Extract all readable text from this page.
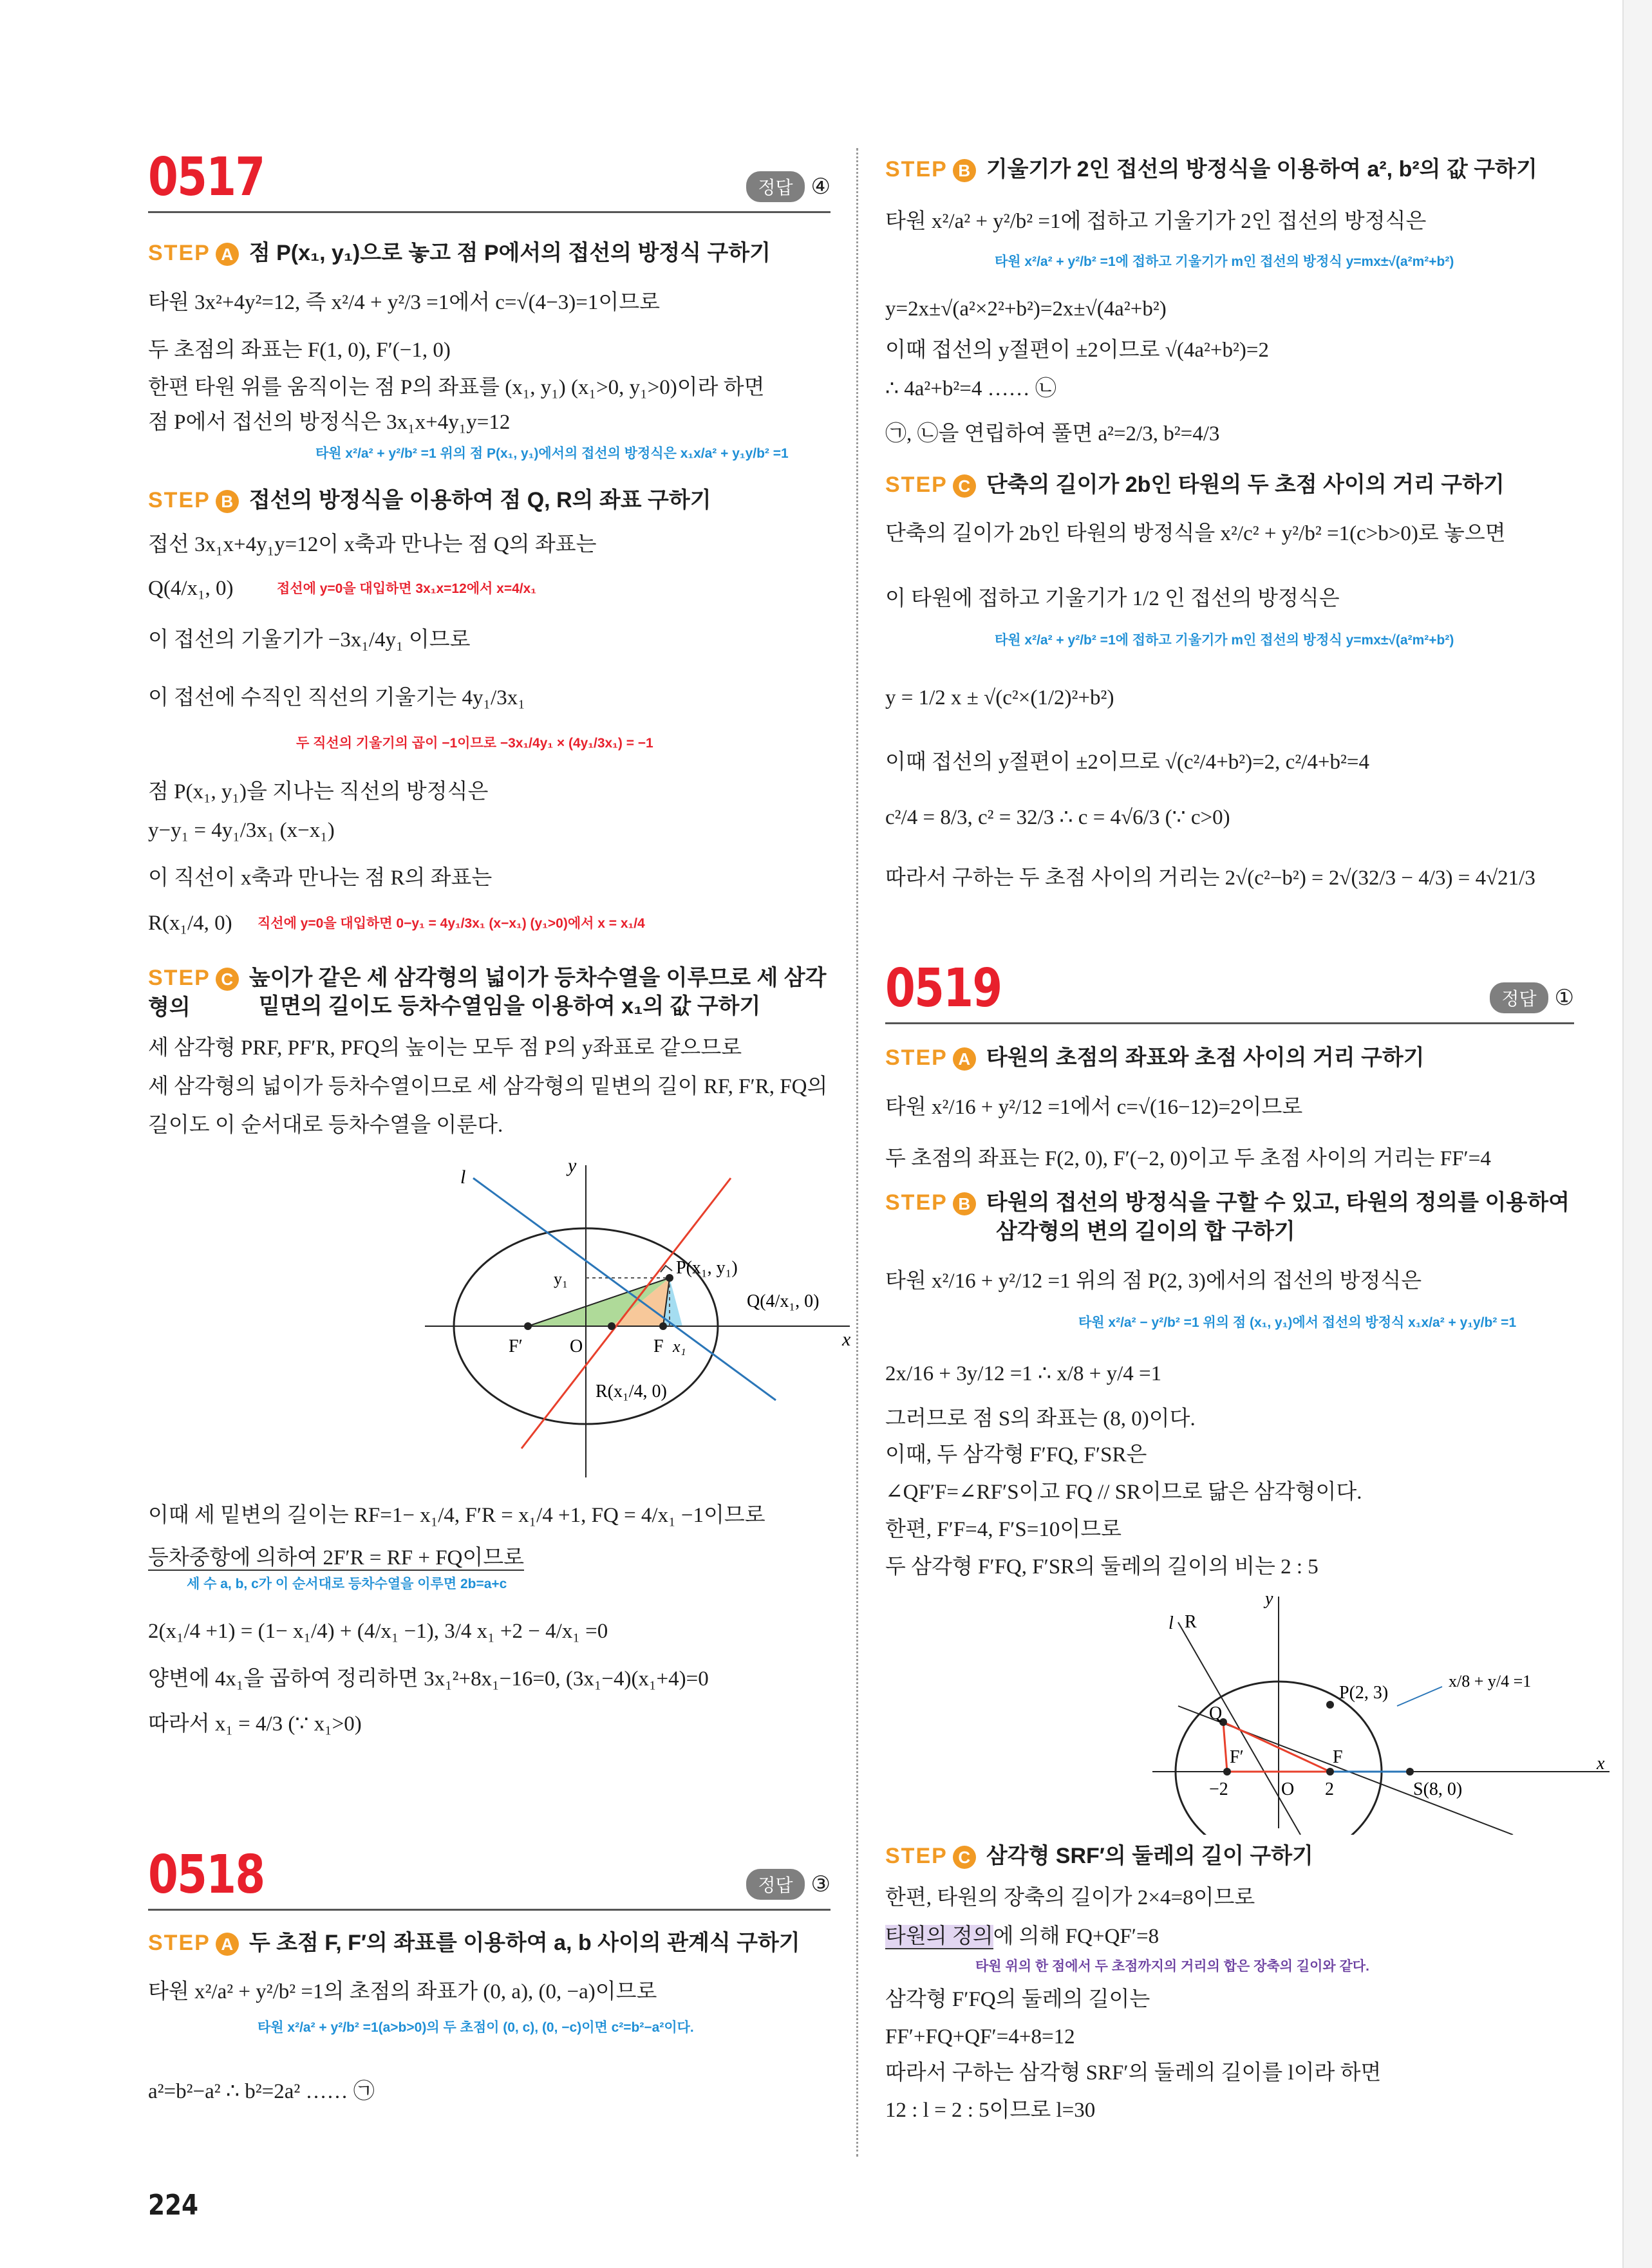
0517	정답 ④
STEP A 점 P(x₁, y₁)으로 놓고 점 P에서의 접선의 방정식 구하기
타원 3x²+4y²=12, 즉 x²/4 + y²/3 =1에서 c=√(4−3)=1이므로
두 초점의 좌표는 F(1, 0), F′(−1, 0)
한편 타원 위를 움직이는 점 P의 좌표를 (x₁, y₁) (x₁>0, y₁>0)이라 하면
점 P에서 접선의 방정식은 3x₁x+4y₁y=12
타원 x²/a² + y²/b² =1 위의 점 P(x₁, y₁)에서의 접선의 방정식은 x₁x/a² + y₁y/b² =1
STEP B 접선의 방정식을 이용하여 점 Q, R의 좌표 구하기
접선 3x₁x+4y₁y=12이 x축과 만나는 점 Q의 좌표는
Q(4/x₁, 0)	접선에 y=0을 대입하면 3x₁x=12에서 x=4/x₁
이 접선의 기울기가 −3x₁/4y₁ 이므로
이 접선에 수직인 직선의 기울기는 4y₁/3x₁
두 직선의 기울기의 곱이 −1이므로 −3x₁/4y₁ × (4y₁/3x₁) = −1
점 P(x₁, y₁)을 지나는 직선의 방정식은
y−y₁ = 4y₁/3x₁ (x−x₁)
이 직선이 x축과 만나는 점 R의 좌표는
R(x₁/4, 0)	직선에 y=0을 대입하면 0−y₁ = 4y₁/3x₁ (x−x₁) (y₁>0)에서 x = x₁/4
STEP C 높이가 같은 세 삼각형의 넓이가 등차수열을 이루므로 세 삼각형의	밑면의 길이도 등차수열임을 이용하여 x₁의 값 구하기
세 삼각형 PRF, PF′R, PFQ의 높이는 모두 점 P의 y좌표로 같으므로
세 삼각형의 넓이가 등차수열이므로 세 삼각형의 밑변의 길이 RF, F′R, FQ의
길이도 이 순서대로 등차수열을 이룬다.
y
x
l
y₁
P(x₁, y₁)
Q(4/x₁, 0)
F′	O	F x₁
R(x₁/4, 0)
이때 세 밑변의 길이는 RF=1− x₁/4, F′R = x₁/4 +1, FQ = 4/x₁ −1이므로
등차중항에 의하여 2F′R = RF + FQ이므로
세 수 a, b, c가 이 순서대로 등차수열을 이루면 2b=a+c
2(x₁/4 +1) = (1− x₁/4) + (4/x₁ −1), 3/4 x₁ +2 − 4/x₁ =0
양변에 4x₁을 곱하여 정리하면 3x₁²+8x₁−16=0, (3x₁−4)(x₁+4)=0
따라서 x₁ = 4/3 (∵ x₁>0)
0518	정답 ③
STEP A 두 초점 F, F′의 좌표를 이용하여 a, b 사이의 관계식 구하기
타원 x²/a² + y²/b² =1의 초점의 좌표가 (0, a), (0, −a)이므로
타원 x²/a² + y²/b² =1(a>b>0)의 두 초점이 (0, c), (0, −c)이면 c²=b²−a²이다.
a²=b²−a² ∴ b²=2a² …… ㉠
224
STEP B 기울기가 2인 접선의 방정식을 이용하여 a², b²의 값 구하기
타원 x²/a² + y²/b² =1에 접하고 기울기가 2인 접선의 방정식은
타원 x²/a² + y²/b² =1에 접하고 기울기가 m인 접선의 방정식 y=mx±√(a²m²+b²)
y=2x±√(a²×2²+b²)=2x±√(4a²+b²)
이때 접선의 y절편이 ±2이므로 √(4a²+b²)=2
∴ 4a²+b²=4 …… ㉡
㉠, ㉡을 연립하여 풀면 a²=2/3, b²=4/3
STEP C 단축의 길이가 2b인 타원의 두 초점 사이의 거리 구하기
단축의 길이가 2b인 타원의 방정식을 x²/c² + y²/b² =1(c>b>0)로 놓으면
이 타원에 접하고 기울기가 1/2 인 접선의 방정식은
타원 x²/a² + y²/b² =1에 접하고 기울기가 m인 접선의 방정식 y=mx±√(a²m²+b²)
y = 1/2 x ± √(c²×(1/2)²+b²)
이때 접선의 y절편이 ±2이므로 √(c²/4+b²)=2, c²/4+b²=4
c²/4 = 8/3, c² = 32/3 ∴ c = 4√6/3 (∵ c>0)
따라서 구하는 두 초점 사이의 거리는 2√(c²−b²) = 2√(32/3 − 4/3) = 4√21/3
0519	정답 ①
STEP A 타원의 초점의 좌표와 초점 사이의 거리 구하기
타원 x²/16 + y²/12 =1에서 c=√(16−12)=2이므로
두 초점의 좌표는 F(2, 0), F′(−2, 0)이고 두 초점 사이의 거리는 FF′=4
STEP B 타원의 접선의 방정식을 구할 수 있고, 타원의 정의를 이용하여
삼각형의 변의 길이의 합 구하기
타원 x²/16 + y²/12 =1 위의 점 P(2, 3)에서의 접선의 방정식은
타원 x²/a² − y²/b² =1 위의 점 (x₁, y₁)에서 접선의 방정식 x₁x/a² + y₁y/b² =1
2x/16 + 3y/12 =1 ∴ x/8 + y/4 =1
그러므로 점 S의 좌표는 (8, 0)이다.
이때, 두 삼각형 F′FQ, F′SR은
∠QF′F=∠RF′S이고 FQ // SR이므로 닮은 삼각형이다.
한편, F′F=4, F′S=10이므로
두 삼각형 F′FQ, F′SR의 둘레의 길이의 비는 2 : 5
y
x
l R
Q
P(2, 3)
x/8 + y/4 =1
F′	F
−2	O 2	S(8, 0)
STEP C 삼각형 SRF′의 둘레의 길이 구하기
한편, 타원의 장축의 길이가 2×4=8이므로
타원의 정의에 의해 FQ+QF′=8
타원 위의 한 점에서 두 초점까지의 거리의 합은 장축의 길이와 같다.
삼각형 F′FQ의 둘레의 길이는
FF′+FQ+QF′=4+8=12
따라서 구하는 삼각형 SRF′의 둘레의 길이를 l이라 하면
12 : l = 2 : 5이므로 l=30
